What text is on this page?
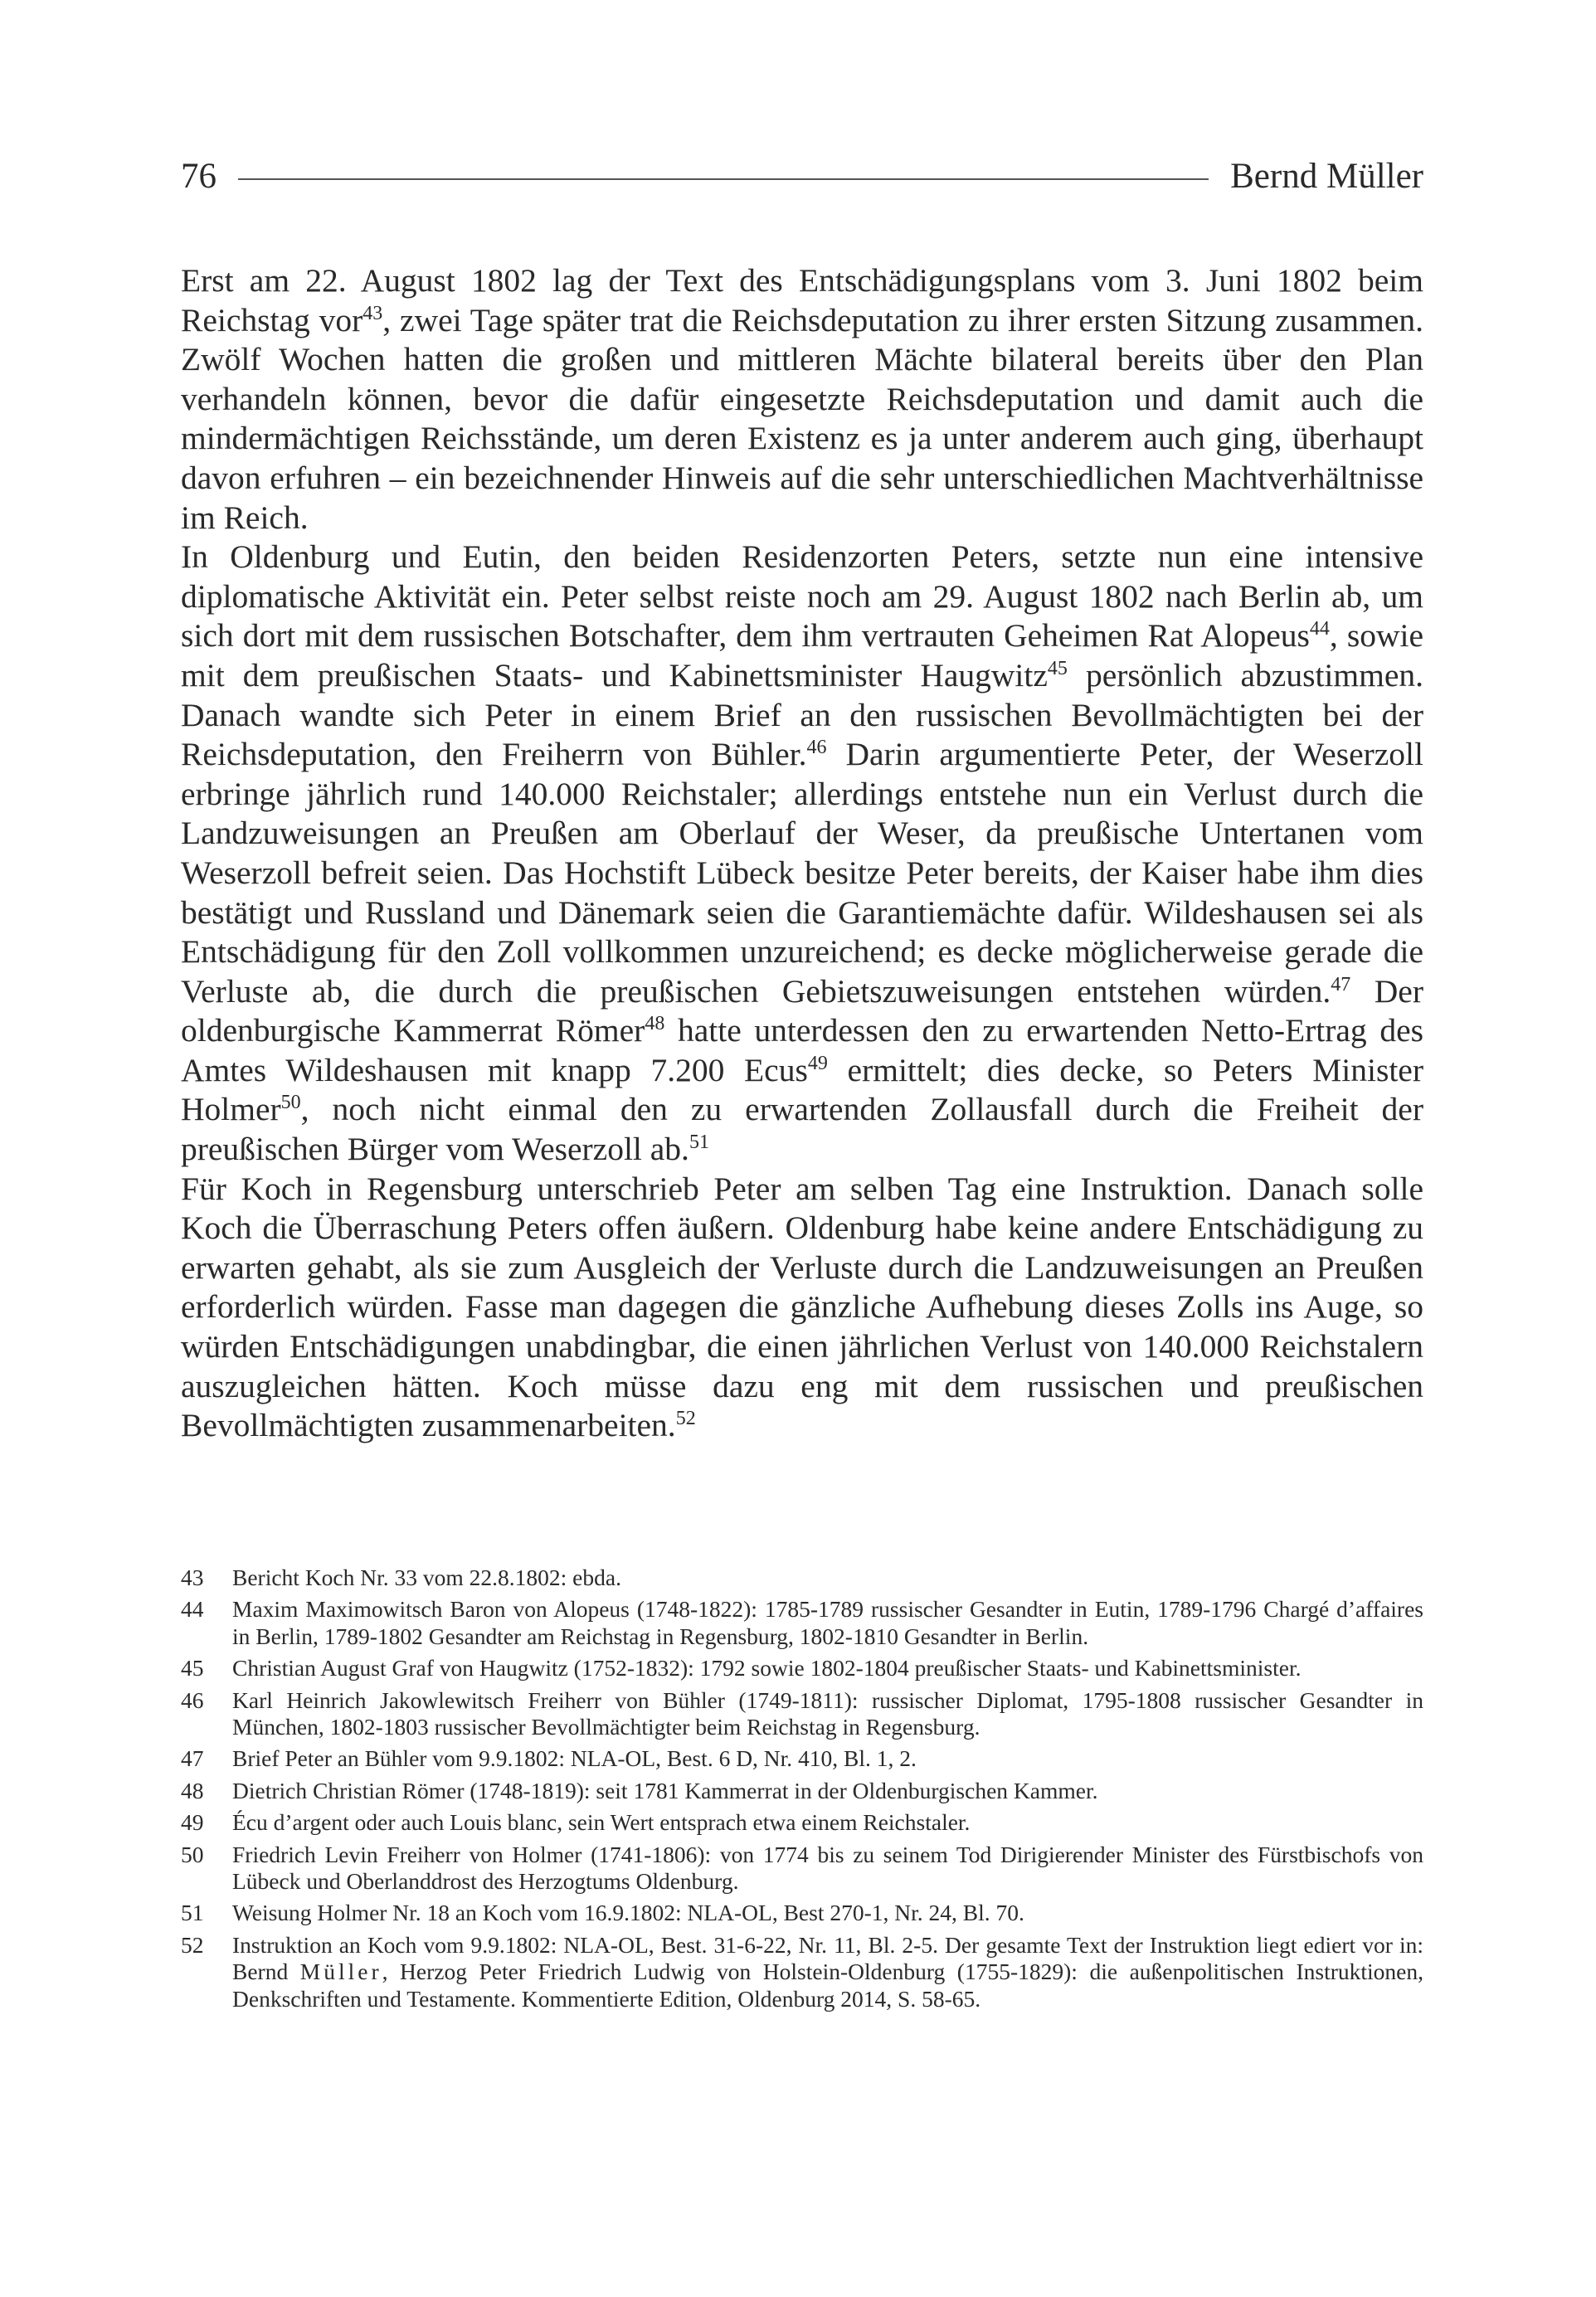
76	Bernd Müller

Erst am 22. August 1802 lag der Text des Entschädigungsplans vom 3. Juni 1802 beim Reichstag vor$^{43}$, zwei Tage später trat die Reichsdeputation zu ihrer ersten Sitzung zusammen. Zwölf Wochen hatten die großen und mittleren Mächte bilateral bereits über den Plan verhandeln können, bevor die dafür eingesetzte Reichsdeputation und damit auch die mindermächtigen Reichsstände, um deren Existenz es ja unter anderem auch ging, überhaupt davon erfuhren – ein bezeichnender Hinweis auf die sehr unterschiedlichen Machtverhältnisse im Reich.

In Oldenburg und Eutin, den beiden Residenzorten Peters, setzte nun eine intensive diplomatische Aktivität ein. Peter selbst reiste noch am 29. August 1802 nach Berlin ab, um sich dort mit dem russischen Botschafter, dem ihm vertrauten Geheimen Rat Alopeus$^{44}$, sowie mit dem preußischen Staats- und Kabinettsminister Haugwitz$^{45}$ persönlich abzustimmen. Danach wandte sich Peter in einem Brief an den russischen Bevollmächtigten bei der Reichsdeputation, den Freiherrn von Bühler.$^{46}$ Darin argumentierte Peter, der Weserzoll erbringe jährlich rund 140.000 Reichstaler; allerdings entstehe nun ein Verlust durch die Landzuweisungen an Preußen am Oberlauf der Weser, da preußische Untertanen vom Weserzoll befreit seien. Das Hochstift Lübeck besitze Peter bereits, der Kaiser habe ihm dies bestätigt und Russland und Dänemark seien die Garantiemächte dafür. Wildeshausen sei als Entschädigung für den Zoll vollkommen unzureichend; es decke möglicherweise gerade die Verluste ab, die durch die preußischen Gebietszuweisungen entstehen würden.$^{47}$ Der oldenburgische Kammerrat Römer$^{48}$ hatte unterdessen den zu erwartenden Netto-Ertrag des Amtes Wildeshausen mit knapp 7.200 Ecus$^{49}$ ermittelt; dies decke, so Peters Minister Holmer$^{50}$, noch nicht einmal den zu erwartenden Zollausfall durch die Freiheit der preußischen Bürger vom Weserzoll ab.$^{51}$

Für Koch in Regensburg unterschrieb Peter am selben Tag eine Instruktion. Danach solle Koch die Überraschung Peters offen äußern. Oldenburg habe keine andere Entschädigung zu erwarten gehabt, als sie zum Ausgleich der Verluste durch die Landzuweisungen an Preußen erforderlich würden. Fasse man dagegen die gänzliche Aufhebung dieses Zolls ins Auge, so würden Entschädigungen unabdingbar, die einen jährlichen Verlust von 140.000 Reichstalern auszugleichen hätten. Koch müsse dazu eng mit dem russischen und preußischen Bevollmächtigten zusammenarbeiten.$^{52}$

43	Bericht Koch Nr. 33 vom 22.8.1802: ebda.
44	Maxim Maximowitsch Baron von Alopeus (1748-1822): 1785-1789 russischer Gesandter in Eutin, 1789-1796 Chargé d’affaires in Berlin, 1789-1802 Gesandter am Reichstag in Regensburg, 1802-1810 Gesandter in Berlin.
45	Christian August Graf von Haugwitz (1752-1832): 1792 sowie 1802-1804 preußischer Staats- und Kabinettsminister.
46	Karl Heinrich Jakowlewitsch Freiherr von Bühler (1749-1811): russischer Diplomat, 1795-1808 russischer Gesandter in München, 1802-1803 russischer Bevollmächtigter beim Reichstag in Regensburg.
47	Brief Peter an Bühler vom 9.9.1802: NLA-OL, Best. 6 D, Nr. 410, Bl. 1, 2.
48	Dietrich Christian Römer (1748-1819): seit 1781 Kammerrat in der Oldenburgischen Kammer.
49	Écu d’argent oder auch Louis blanc, sein Wert entsprach etwa einem Reichstaler.
50	Friedrich Levin Freiherr von Holmer (1741-1806): von 1774 bis zu seinem Tod Dirigierender Minister des Fürstbischofs von Lübeck und Oberlanddrost des Herzogtums Oldenburg.
51	Weisung Holmer Nr. 18 an Koch vom 16.9.1802: NLA-OL, Best 270-1, Nr. 24, Bl. 70.
52	Instruktion an Koch vom 9.9.1802: NLA-OL, Best. 31-6-22, Nr. 11, Bl. 2-5. Der gesamte Text der Instruktion liegt ediert vor in: Bernd Müller, Herzog Peter Friedrich Ludwig von Holstein-Oldenburg (1755-1829): die außenpolitischen Instruktionen, Denkschriften und Testamente. Kommentierte Edition, Oldenburg 2014, S. 58-65.
